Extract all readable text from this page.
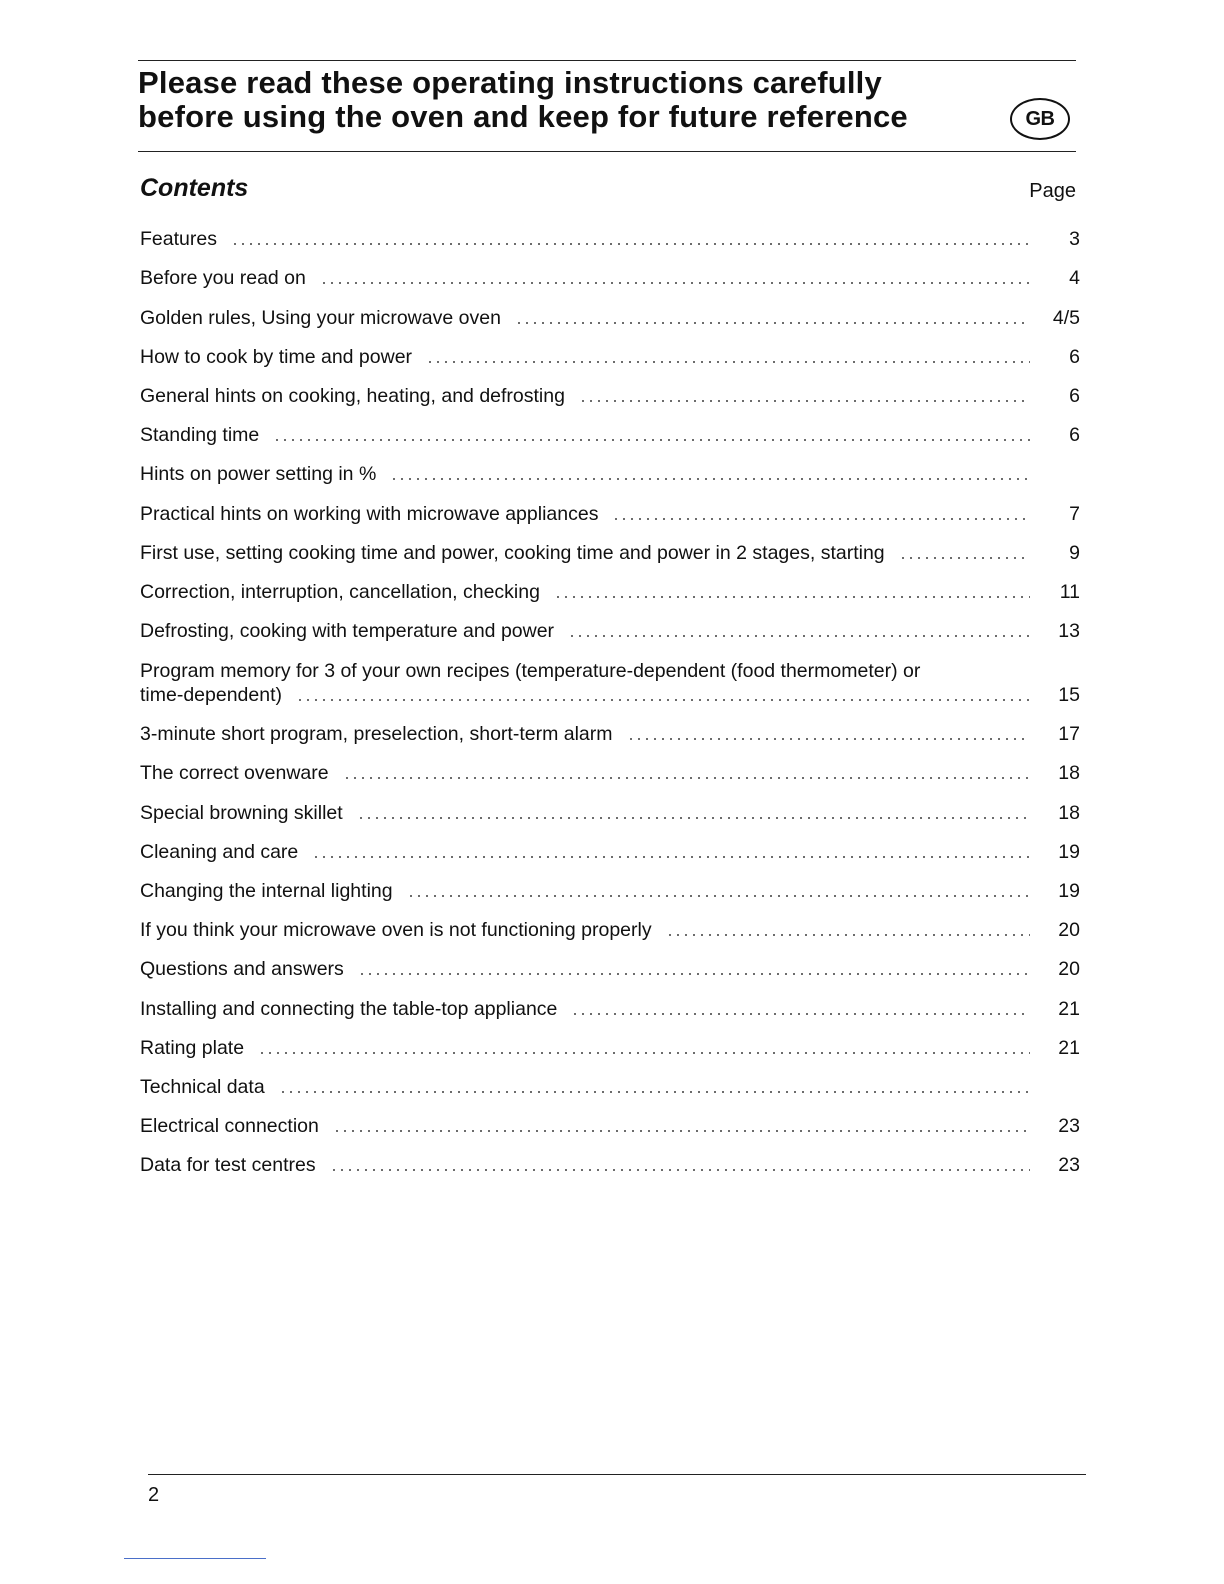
Please read these operating instructions carefully
before using the oven and keep for future reference	GB
Contents	Page
Features	3
Before you read on	4
Golden rules, Using your microwave oven	4/5
How to cook by time and power	6
General hints on cooking, heating, and defrosting	6
Standing time	6
Hints on power setting in %
Practical hints on working with microwave appliances	7
First use, setting cooking time and power, cooking time and power in 2 stages, starting	9
Correction, interruption, cancellation, checking	11
Defrosting, cooking with temperature and power	13
Program memory for 3 of your own recipes (temperature-dependent (food thermometer) or
time-dependent)	15
3-minute short program, preselection, short-term alarm	17
The correct ovenware	18
Special browning skillet	18
Cleaning and care	19
Changing the internal lighting	19
If you think your microwave oven is not functioning properly	20
Questions and answers	20
Installing and connecting the table-top appliance	21
Rating plate	21
Technical data
Electrical connection	23
Data for test centres	23
2
